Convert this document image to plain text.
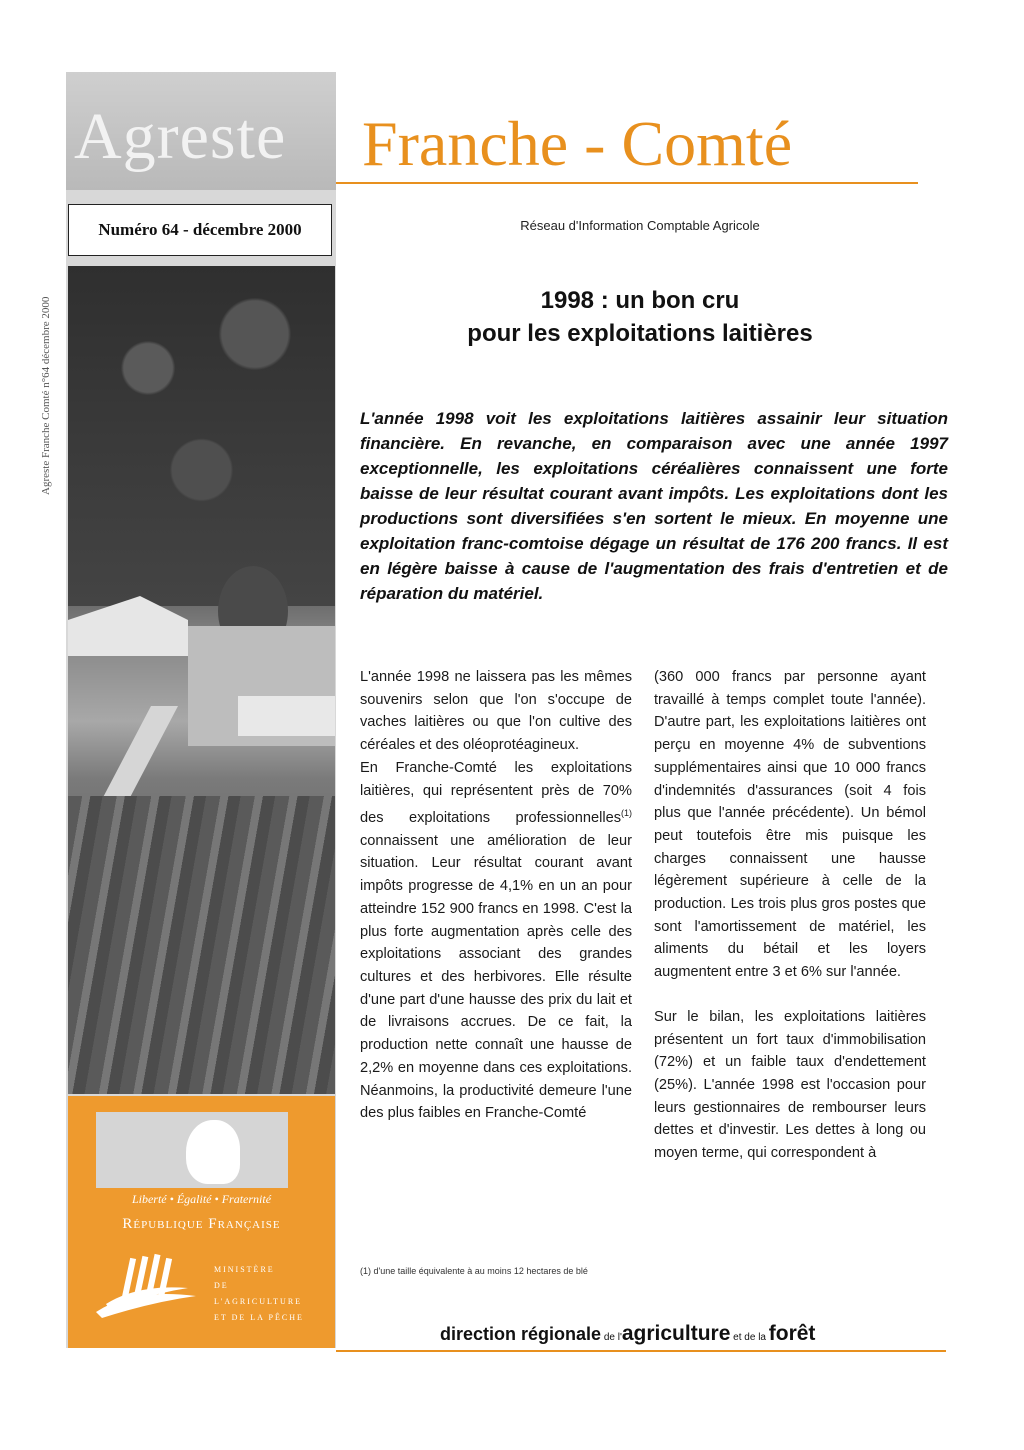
Agreste Franche Comté n°64 décembre 2000
Agreste Franche - Comté
Numéro 64 - décembre 2000
Liberté • Égalité • Fraternité
République Française
MINISTÈRE
DE L'AGRICULTURE
ET DE LA PÊCHE
Réseau d'Information Comptable Agricole
1998 : un bon cru
pour les exploitations laitières
L'année 1998 voit les exploitations laitières assainir leur situation financière. En revanche, en comparaison avec une année 1997 exceptionnelle, les exploitations céréalières connaissent une forte baisse de leur résultat courant avant impôts. Les exploitations dont les productions sont diversifiées s'en sortent le mieux. En moyenne une exploitation franc-comtoise dégage un résultat de 176 200 francs. Il est en légère baisse à cause de l'augmentation des frais d'entretien et de réparation du matériel.

L'année 1998 ne laissera pas les mêmes souvenirs selon que l'on s'occupe de vaches laitières ou que l'on cultive des céréales et des oléoprotéagineux.

En Franche-Comté les exploitations laitières, qui représentent près de 70% des exploitations professionnelles$^{(1)}$ connaissent une amélioration de leur situation. Leur résultat courant avant impôts progresse de 4,1% en un an pour atteindre 152 900 francs en 1998. C'est la plus forte augmentation après celle des exploitations associant des grandes cultures et des herbivores. Elle résulte d'une part d'une hausse des prix du lait et de livraisons accrues. De ce fait, la production nette connaît une hausse de 2,2% en moyenne dans ces exploitations. Néanmoins, la productivité demeure l'une des plus faibles en Franche-Comté

(360 000 francs par personne ayant travaillé à temps complet toute l'année). D'autre part, les exploitations laitières ont perçu en moyenne 4% de subventions supplémentaires ainsi que 10 000 francs d'indemnités d'assurances (soit 4 fois plus que l'année précédente). Un bémol peut toutefois être mis puisque les charges connaissent une hausse légèrement supérieure à celle de la production. Les trois plus gros postes que sont l'amortissement de matériel, les aliments du bétail et les loyers augmentent entre 3 et 6% sur l'année.

Sur le bilan, les exploitations laitières présentent un fort taux d'immobilisation (72%) et un faible taux d'endettement (25%). L'année 1998 est l'occasion pour leurs gestionnaires de rembourser leurs dettes et d'investir. Les dettes à long ou moyen terme, qui correspondent à

(1) d'une taille équivalente à au moins 12 hectares de blé
direction régionale de l'agriculture et de la forêt
